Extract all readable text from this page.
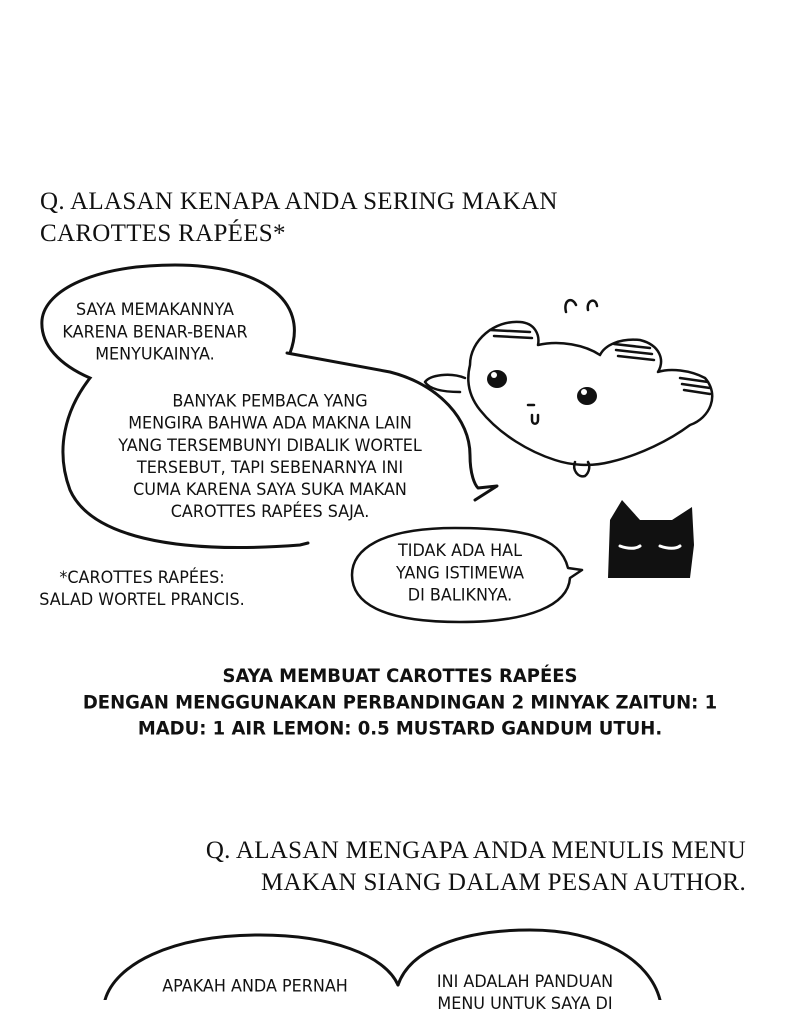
Q. ALASAN KENAPA ANDA SERING MAKAN
CAROTTES RAPÉES*
SAYA MEMAKANNYA
KARENA BENAR-BENAR
MENYUKAINYA.
BANYAK PEMBACA YANG
MENGIRA BAHWA ADA MAKNA LAIN
YANG TERSEMBUNYI DIBALIK WORTEL
TERSEBUT, TAPI SEBENARNYA INI
CUMA KARENA SAYA SUKA MAKAN
CAROTTES RAPÉES SAJA.
*CAROTTES RAPÉES:
SALAD WORTEL PRANCIS.
TIDAK ADA HAL
YANG ISTIMEWA
DI BALIKNYA.
SAYA MEMBUAT CAROTTES RAPÉES
DENGAN MENGGUNAKAN PERBANDINGAN 2 MINYAK ZAITUN: 1
MADU: 1 AIR LEMON: 0.5 MUSTARD GANDUM UTUH.
Q. ALASAN MENGAPA ANDA MENULIS MENU
MAKAN SIANG DALAM PESAN AUTHOR.
APAKAH ANDA PERNAH	INI ADALAH PANDUAN
MENU UNTUK SAYA DI
